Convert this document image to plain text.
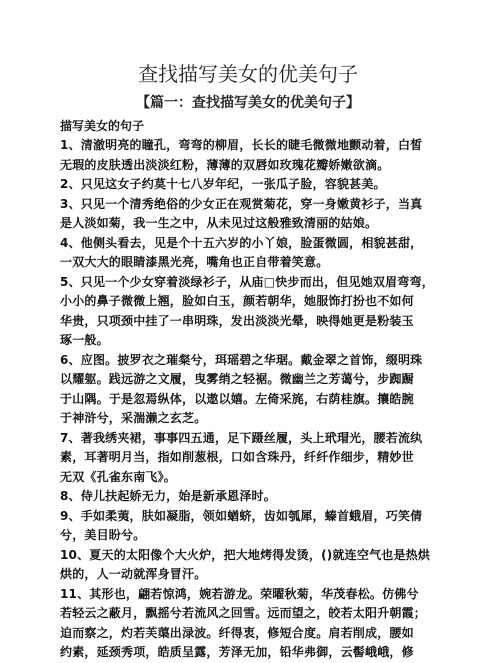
查找描写美女的优美句子
【篇一：查找描写美女的优美句子】

描写美女的句子

1、清澈明亮的瞳孔，弯弯的柳眉，长长的睫毛微微地颤动着，白皙

无瑕的皮肤透出淡淡红粉，薄薄的双唇如玫瑰花瓣娇嫩欲滴。

2、只见这女子约莫十七八岁年纪，一张瓜子脸，容貌甚美。

3、只见一个清秀绝俗的少女正在观赏菊花，穿一身嫩黄衫子，当真

是人淡如菊，我一生之中，从未见过这般雅致清丽的姑娘。

4、他侧头看去，见是个十五六岁的小丫娘，脸蛋微圆，相貌甚甜，

一双大大的眼睛漆黑光亮，嘴角也正自带着笑意。

5、只见一个少女穿着淡绿衫子，从庙□快步而出，但见她双眉弯弯，

小小的鼻子微微上翘，脸如白玉，颜若朝华，她服饰打扮也不如何

华贵，只项颈中挂了一串明珠，发出淡淡光晕，映得她更是粉装玉

琢一般。

6、应图。披罗衣之璀粲兮，珥瑶碧之华琚。戴金翠之首饰，缀明珠

以耀躯。践远游之文履，曳雾绡之轻裾。微幽兰之芳蔼兮，步踟蹰

于山隅。于是忽焉纵体，以遨以嬉。左倚采旄，右荫桂旗。攘皓腕

于神浒兮，采湍濑之玄芝。

7、著我绣夹裙，事事四五通，足下蹑丝履，头上玳瑁光，腰若流纨

素，耳著明月当，指如削葱根，口如含珠丹，纤纤作细步，精妙世

无双《孔雀东南飞》。

8、侍儿扶起娇无力，始是新承恩泽时。

9、手如柔荑，肤如凝脂，领如蝤蛴，齿如瓠犀，螓首蛾眉，巧笑倩

兮，美目盼兮。

10、夏天的太阳像个大火炉，把大地烤得发烫，()就连空气也是热烘

烘的，人一动就浑身冒汗。

11、其形也，翩若惊鸿，婉若游龙。荣曜秋菊，华茂春松。仿佛兮

若轻云之蔽月，飘摇兮若流风之回雪。远而望之，皎若太阳升朝霞；

迫而察之，灼若芙蕖出渌波。纤得衷，修短合度。肩若削成，腰如

约素，延颈秀项，皓质呈露，芳泽无加，铅华弗御，云髻峨峨，修
